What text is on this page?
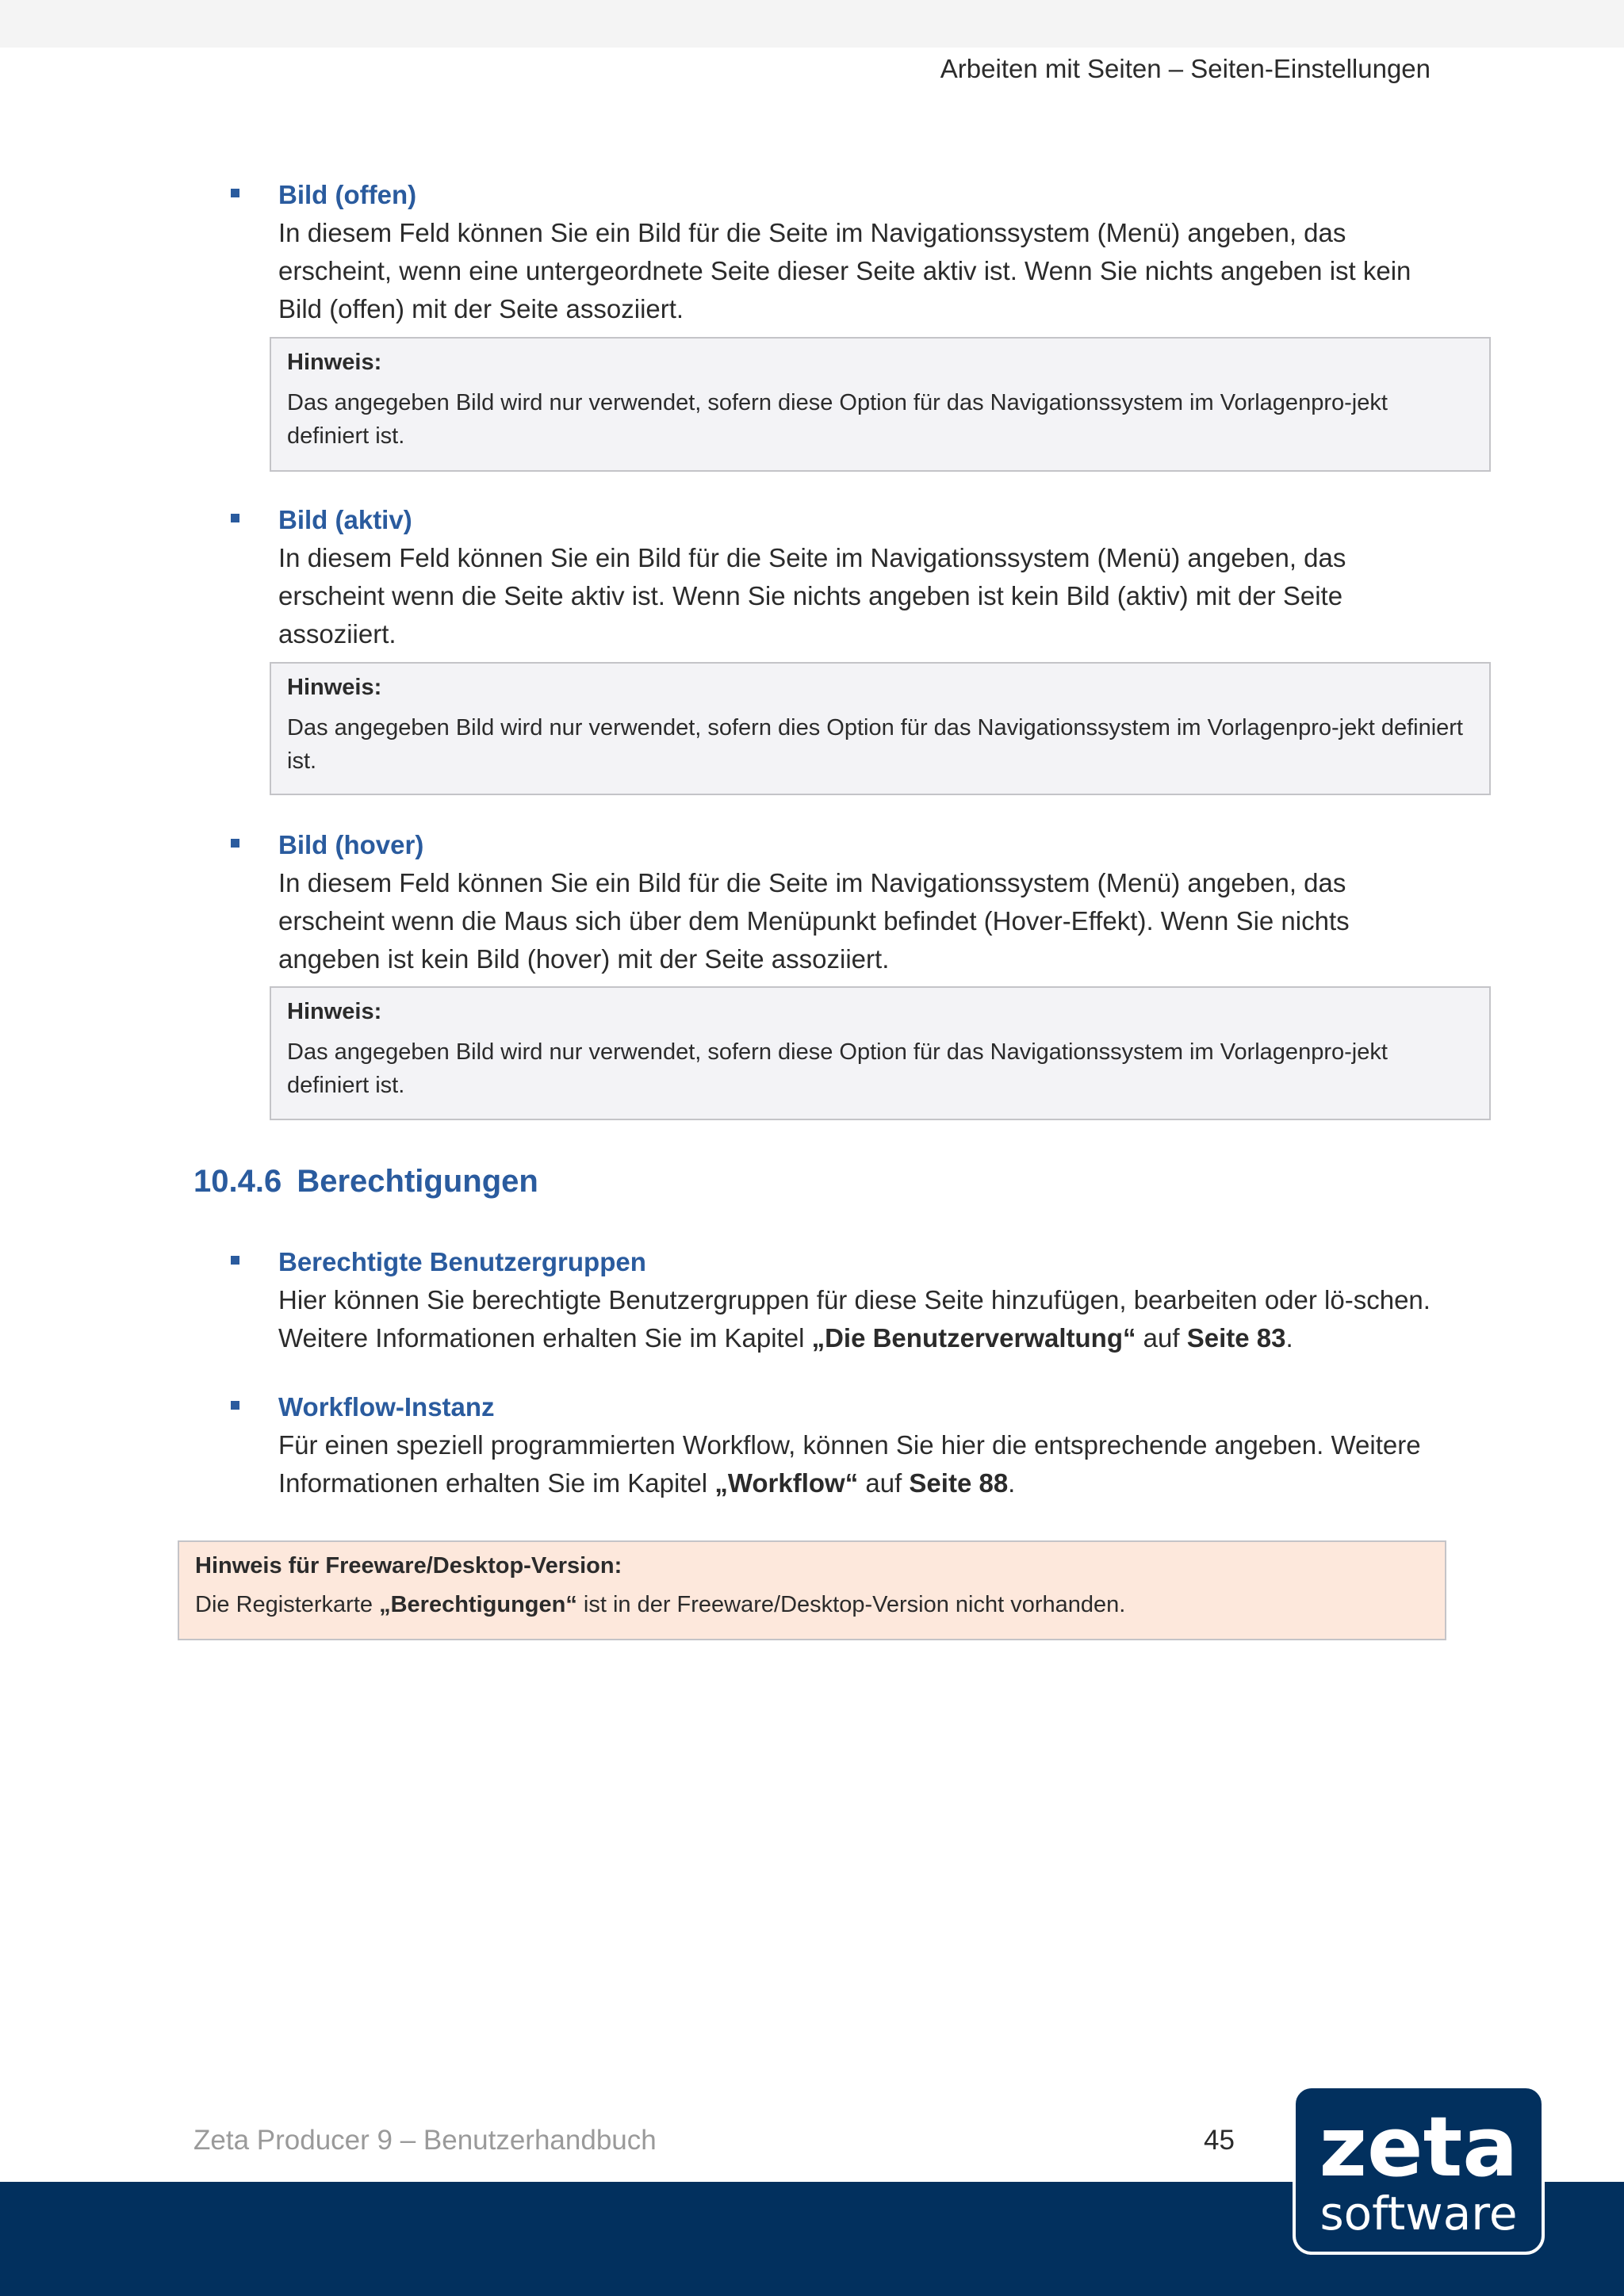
Arbeiten mit Seiten – Seiten-Einstellungen
Bild (offen)
In diesem Feld können Sie ein Bild für die Seite im Navigationssystem (Menü) angeben, das erscheint, wenn eine untergeordnete Seite dieser Seite aktiv ist. Wenn Sie nichts angeben ist kein Bild (offen) mit der Seite assoziiert.
Hinweis:
Das angegeben Bild wird nur verwendet, sofern diese Option für das Navigationssystem im Vorlagenpro-jekt definiert ist.
Bild (aktiv)
In diesem Feld können Sie ein Bild für die Seite im Navigationssystem (Menü) angeben, das erscheint wenn die Seite aktiv ist. Wenn Sie nichts angeben ist kein Bild (aktiv) mit der Seite assoziiert.
Hinweis:
Das angegeben Bild wird nur verwendet, sofern dies Option für das Navigationssystem im Vorlagenpro-jekt definiert ist.
Bild (hover)
In diesem Feld können Sie ein Bild für die Seite im Navigationssystem (Menü) angeben, das erscheint wenn die Maus sich über dem Menüpunkt befindet (Hover-Effekt). Wenn Sie nichts angeben ist kein Bild (hover) mit der Seite assoziiert.
Hinweis:
Das angegeben Bild wird nur verwendet, sofern diese Option für das Navigationssystem im Vorlagenpro-jekt definiert ist.
10.4.6 Berechtigungen
Berechtigte Benutzergruppen
Hier können Sie berechtigte Benutzergruppen für diese Seite hinzufügen, bearbeiten oder lö-schen. Weitere Informationen erhalten Sie im Kapitel „Die Benutzerverwaltung“ auf Seite 83.
Workflow-Instanz
Für einen speziell programmierten Workflow, können Sie hier die entsprechende angeben. Weitere Informationen erhalten Sie im Kapitel „Workflow“ auf Seite 88.
Hinweis für Freeware/Desktop-Version:
Die Registerkarte „Berechtigungen“ ist in der Freeware/Desktop-Version nicht vorhanden.
Zeta Producer 9 – Benutzerhandbuch	45 zeta
software
